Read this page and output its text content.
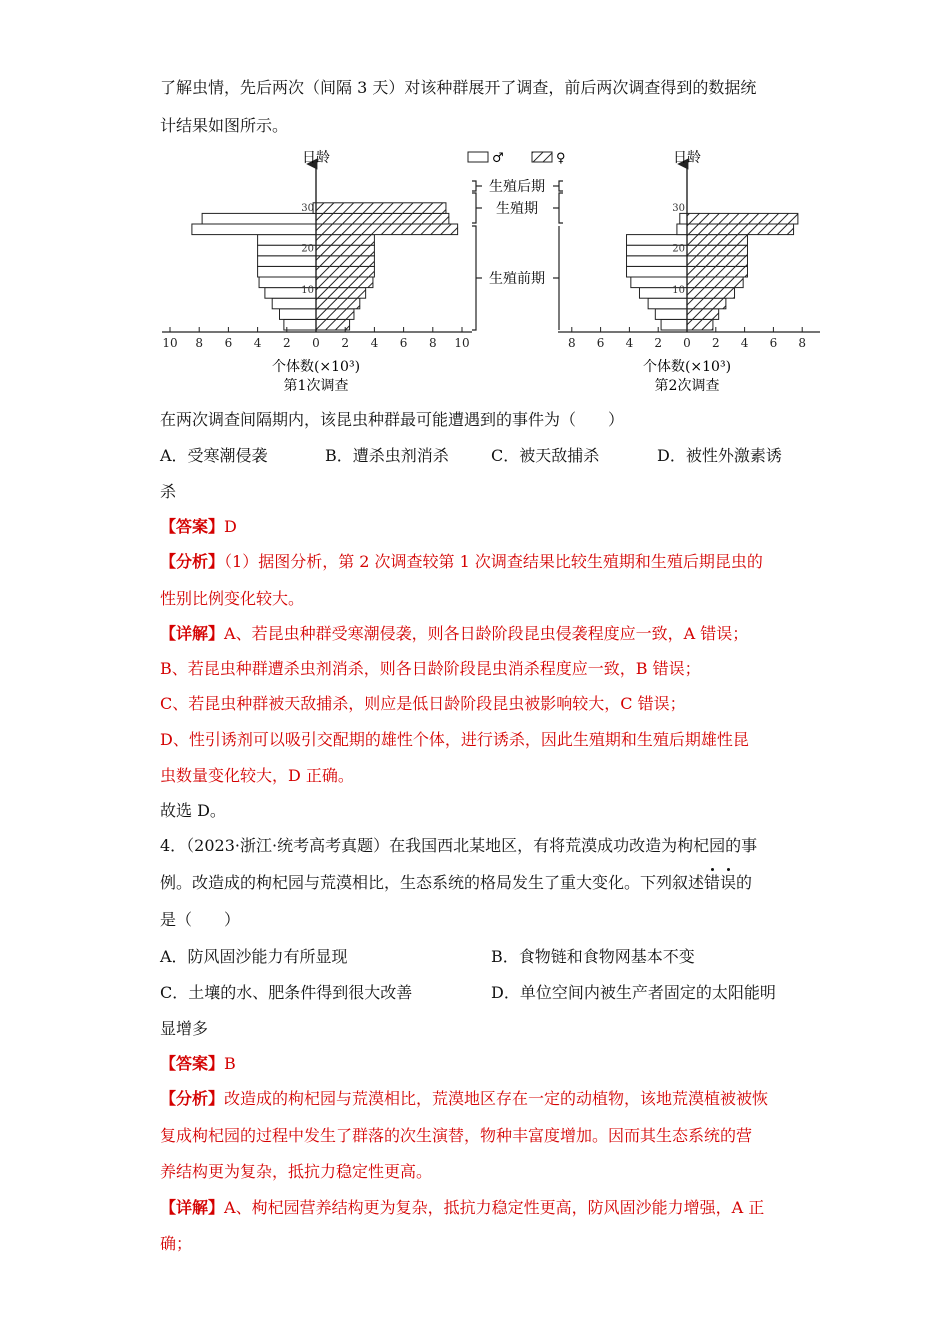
了解虫情，先后两次（间隔 3 天）对该种群展开了调查，前后两次调查得到的数据统
计结果如图所示。
10 8 6 4 2 0 2 4 6 8 10
10
20
30
8 6 4 2 0 2 4 6 8
10
20
30
日龄	日龄
个体数(×10³)
第1次调查
个体数(×10³)
第2次调查
♂	♀
生殖后期
生殖期
生殖前期
在两次调查间隔期内，该昆虫种群最可能遭遇到的事件为（　　）
A．受寒潮侵袭	B．遭杀虫剂消杀	C．被天敌捕杀	D．被性外激素诱
杀
【答案】D
【分析】（1）据图分析，第 2 次调查较第 1 次调查结果比较生殖期和生殖后期昆虫的
性别比例变化较大。
【详解】A、若昆虫种群受寒潮侵袭，则各日龄阶段昆虫侵袭程度应一致，A 错误；
B、若昆虫种群遭杀虫剂消杀，则各日龄阶段昆虫消杀程度应一致，B 错误；
C、若昆虫种群被天敌捕杀，则应是低日龄阶段昆虫被影响较大，C 错误；
D、性引诱剂可以吸引交配期的雄性个体，进行诱杀，因此生殖期和生殖后期雄性昆
虫数量变化较大，D 正确。
故选 D。
4．（2023·浙江·统考高考真题）在我国西北某地区，有将荒漠成功改造为枸杞园的事
例。改造成的枸杞园与荒漠相比，生态系统的格局发生了重大变化。下列叙述错误的
是（　　）
A．防风固沙能力有所显现	B．食物链和食物网基本不变
C．土壤的水、肥条件得到很大改善	D．单位空间内被生产者固定的太阳能明
显增多
【答案】B
【分析】改造成的枸杞园与荒漠相比，荒漠地区存在一定的动植物，该地荒漠植被被恢
复成枸杞园的过程中发生了群落的次生演替，物种丰富度增加。因而其生态系统的营
养结构更为复杂，抵抗力稳定性更高。
【详解】A、枸杞园营养结构更为复杂，抵抗力稳定性更高，防风固沙能力增强，A 正
确；
